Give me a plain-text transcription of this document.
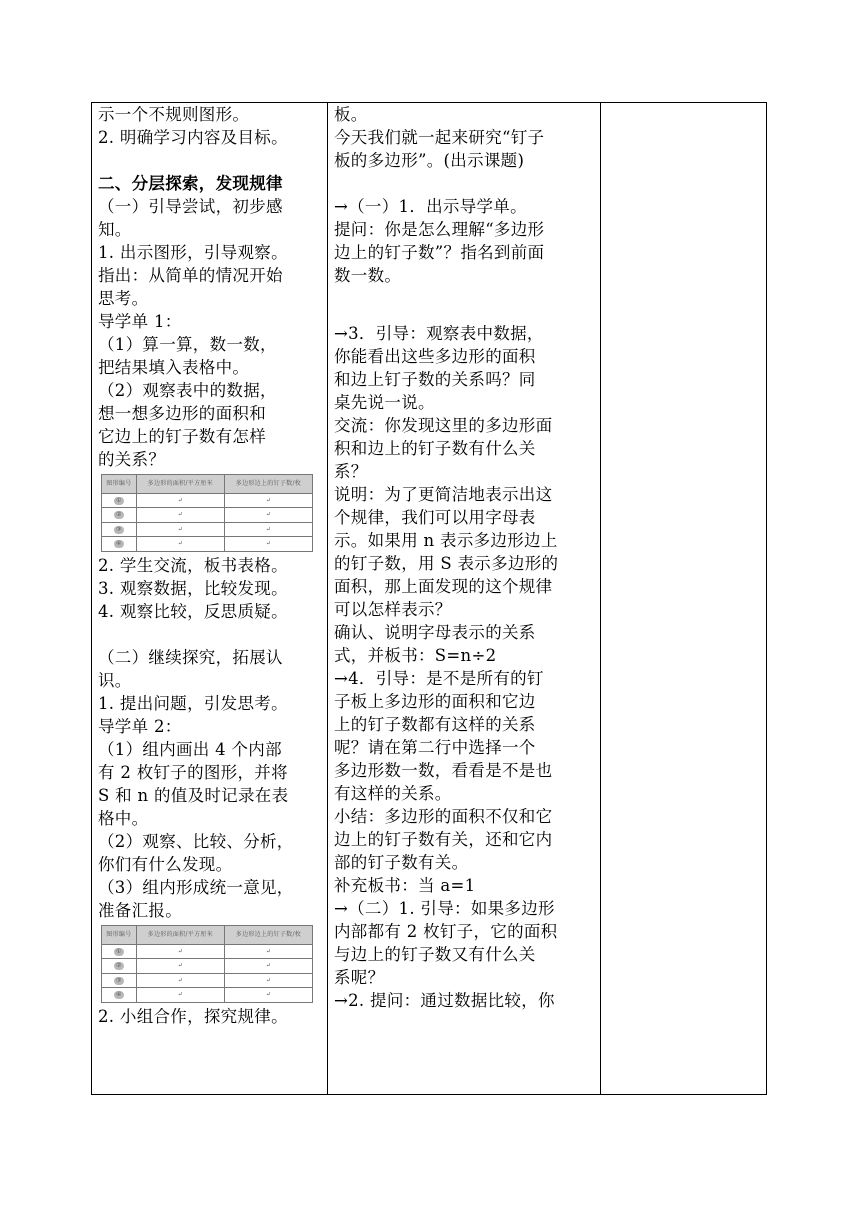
示一个不规则图形。
2. 明确学习内容及目标。
二、分层探索，发现规律
（一）引导尝试，初步感
知。
1. 出示图形，引导观察。
指出：从简单的情况开始
思考。
导学单 1：
（1）算一算，数一数，
把结果填入表格中。
（2）观察表中的数据，
想一想多边形的面积和
它边上的钉子数有怎样
的关系？
图形编号	多边形的面积/平方厘米	多边形边上的钉子数/枚
①	↵	↵
②	↵	↵
③	↵	↵
④	↵	↵
2. 学生交流，板书表格。
3. 观察数据，比较发现。
4. 观察比较，反思质疑。
（二）继续探究，拓展认
识。
1. 提出问题，引发思考。
导学单 2：
（1）组内画出 4 个内部
有 2 枚钉子的图形，并将
S 和 n 的值及时记录在表
格中。
（2）观察、比较、分析，
你们有什么发现。
（3）组内形成统一意见，
准备汇报。
图形编号	多边形的面积/平方厘米	多边形边上的钉子数/枚
①	↵	↵
②	↵	↵
③	↵	↵
④	↵	↵
2. 小组合作，探究规律。
板。
今天我们就一起来研究“钉子
板的多边形”。(出示课题)
→（一）1．出示导学单。
提问：你是怎么理解“多边形
边上的钉子数”？指名到前面
数一数。
→3．引导：观察表中数据，
你能看出这些多边形的面积
和边上钉子数的关系吗？同
桌先说一说。
交流：你发现这里的多边形面
积和边上的钉子数有什么关
系？
说明：为了更简洁地表示出这
个规律，我们可以用字母表
示。如果用 n 表示多边形边上
的钉子数，用 S 表示多边形的
面积，那上面发现的这个规律
可以怎样表示？
确认、说明字母表示的关系
式，并板书：S=n÷2
→4．引导：是不是所有的钉
子板上多边形的面积和它边
上的钉子数都有这样的关系
呢？请在第二行中选择一个
多边形数一数，看看是不是也
有这样的关系。
小结：多边形的面积不仅和它
边上的钉子数有关，还和它内
部的钉子数有关。
补充板书：当 a=1
→（二）1. 引导：如果多边形
内部都有 2 枚钉子，它的面积
与边上的钉子数又有什么关
系呢？
→2. 提问：通过数据比较，你
